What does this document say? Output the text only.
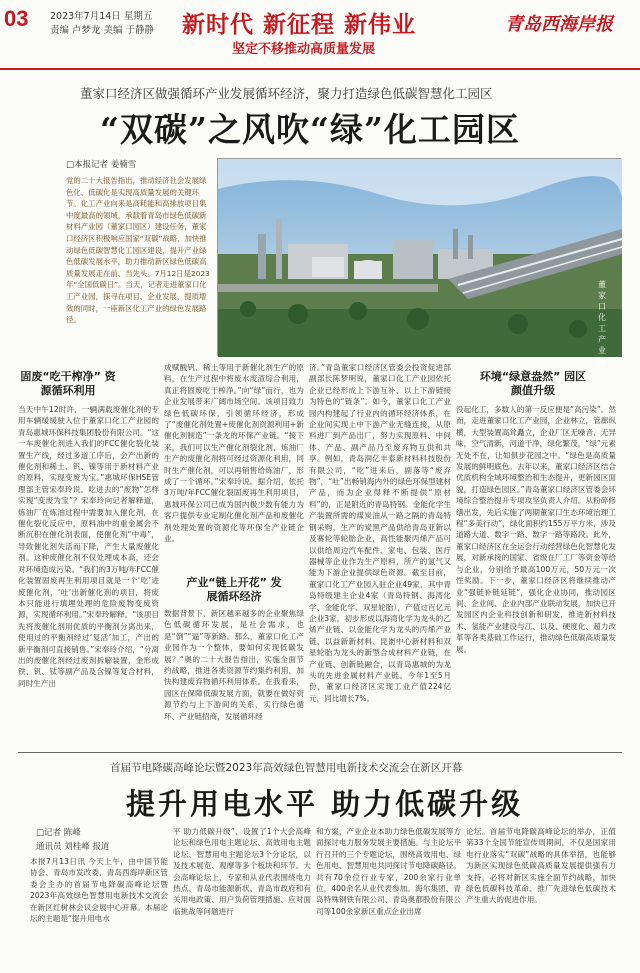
03 2023年7月14日 星期五
责编 卢梦龙 美编 于静静 新时代 新征程 新伟业
坚定不移推动高质量发展
青岛西海岸报
董家口经济区做强循环产业发展循环经济，聚力打造绿色低碳智慧化工园区
“双碳”之风吹“绿”化工园区
□本报记者 姜楠雪
党的二十大报告指出，推动经济社会发展绿色化、低碳化是实现高质量发展的关键环节。化工产业向来是高耗能和高排放项目集中度最高的领域，承载着青岛市绿色低碳新材料产业园（董家口园区）建设任务，董家口经济区积极响应国家“双碳”战略，加快推动绿色低碳智慧化工园区建设，提升产业绿色低碳发展水平，助力推动新区绿色低碳高质量发展走在前、当先头。7月12日是2023年“全国低碳日”。当天，记者走进董家口化工产业园，探寻在项目、企业发展、提质增效的同时，一座新区化工产业的绿色发展路径。
董家口化工产业园
固废“吃干榨净” 资源循环利用
当天中午12时许，一辆满载废催化剂的专用车辆缓缓驶入位于董家口化工产业园的青岛惠城环保科技集团股份有限公司。“这一车废催化剂进入我们的FCC催化裂化装置生产线，经过多道工序后，会产出新的催化剂和稀土、钒、镍等用于新材料产业的原料，实现变废为宝。”惠城环保HSE管理部主管宋奉玲说。吃进去的“废物”怎样实现“变废为宝”？宋奉玲向记者解释道，炼油厂在炼油过程中需要加入催化剂，在催化裂化反应中，原料油中的重金属会不断沉积在催化剂表面，使催化剂“中毒”，导致催化剂失活而下降，产生大量废催化剂。这种废催化剂不仅处理成本高，还会对环境造成污染。“我们的3万吨/年FCC催化装置固废再生利用项目就是一个‘吃’进废催化剂，‘吐’出新催化剂的项目，将废本只能进行填埋处理的危险废物变废资源，实现循环利用。”宋奉玲解释。“该项目先将废催化剂用优质的平衡剂分离出来，使用过的平衡剂经过‘复活’加工，产出的新平衡剂可直接销售。”宋奉玲介绍，“分离出的废催化剂经过废剂拆解装置，金形成铁、钒、钛等副产品及含镍等复合材料，同时生产出
成赋酸钒、稀土等用于新催化剂生产的原料，在生产过程中将废水废渣综合利用，真正将固废吃干榨净。”向“绿”而行，也为企业发展带来广阔市场空间。该项目致力绿色低碳环保，引领循环经济，形成了“废催化剂处置+废催化剂资源利用+新催化剂制造”一条龙的环保产业链。“接下来，我们可以生产催化剂裂化剂，炼油厂生产的废催化剂将可经过资源化利用，同时生产催化剂，可以再销售给炼油厂，形成了一个循环。”宋奉玲说。据介绍，依托3万吨/年FCC催化裂固废再生利用项目，惠城环保公司已成为国内极少数有能力为客户提供专业定制化催化剂产品和废催化剂处理处置的资源化等环保全产业链企业。
产业“链上开花” 发展循环经济
数据背景下，新区越来越多的企业聚焦绿色低碳循环发展，是社会需求，也是“倒”“逼”等新路。那么，董家口化工产业园作为一个整体，要如何实现低碳发展？“奥的二十大报告指出，实施全面节约战略，推进各类资源节约集约利用，加快构建废弃物循环利用体系。在我看来，园区在保障低碳发展方面，就要在做好资源节约与上下游间的关系，实行绿色循环、产业链招商，发展循环经
济。”青岛董家口经济区管委会投资促进部副部长陈梦明说，董家口化工产业园依托企业已经形成上下游互补、以上下游链接为特色的“链条”。如今，董家口化工产业园内构建起了行业内的循环经济体系，在企业间实现上中下游产业无缝连接，从原料进厂到产品出厂，努力实现原料、中间体、产品、副产品乃至废弃物互供和共享。例如，青岛润亿丰泰新材料科技股份有限公司，“吃”进来后，副落等“废弃物”，“吐”出畅销海内外的绿色环保型建材产品，而为企业得释不断提供“原材料”的，正是附近的青岛特钢。金能化学生产装置所需的煤炭油从一路之隔的青岛特钢采购，生产的炭黑产品供给青岛亚新以及赛轮等轮胎企业，高性能聚丙烯产品可以供给周边汽车配件、家电、包装、医疗器械等企业作为生产原料，所产的氢气又能为下游企业提供绿色资源。截至目前，董家口化工产业园入驻企业49家，其中青岛特级建主企业4家（青岛特钢、海湾化学、金能化学、双星轮胎），产值过百亿元企业3家，初步形成以海湾化学为龙头的乙烯产业链、以金能化学为龙头的丙烯产业链、以益新新材料、昆嵛中心新材料和双星轮胎为龙头的新型合成材料产业链，在产业链、创新链融合，以青岛惠城的为龙头的先进金属材料产业链。今年1至5月份，董家口经济区实现工业产值224亿元，同比增长7%。
环境“绿意盎然” 园区颜值升级
没起化工，多数人的第一反应便是“高污染”。然而，走进董家口化工产业园，企业林立，管廊纵横，大型装置高耸矗立，企业厂区无噪音、无异味，空气清新，河道干净，绿化繁茂，“绿”元素无处不在，让如俱步花园之中。“绿色是高质量发展的鲜明底色。去年以来，董家口经济区结合优质机构全域环境整治和生态提升，更新园区面貌，打造绿色园区。”青岛董家口经济区管委会环境综合整治提升专项攻坚负责人介绍。从粉碎修缮出发，先后实施了两期董家口生态环境治理工程“多美行动”，绿化面积约155万平方米，涉及道路大道、数字一路、数字一路等路段。此外，董家口经济区在全运会行动经营绿色化智慧化发展，对新承接的国家、省级在厂工厂等资金等给与企业，分别给予最高100万元，50万元一次性奖励。下一步，董家口经济区将继续推动产业“强链补链延链”，强化企业协同，推动园区间、企业间、企业内部产业联动发展，加快已开发园区内企业科技创新和研发，推进新材料技术、氢能产业建设与江、以及、硬度化、超力改革等各类基础工作运行，推动绿色低碳高质量发展。
首届节电降碳高峰论坛暨2023年高效绿色智慧用电新技术交流会在新区开幕
提升用电水平 助力低碳升级
□记者 陈峰
通讯员 刘桂峰 报道
本报7月13日讯 今天上午，由中国节能协会、青岛市发改委、青岛西海岸新区管委会主办的首届节电降碳高峰论坛暨2023年高效绿色智慧用电新技术交流会在新区红树林会议会展中心开幕。本届论坛的主题是“提升用电水
平 助力低碳升级”，设置了1个大会高峰论坛和绿色用电主题论坛、高效用电主题论坛、智慧用电主题论坛3个分论坛，以及技术展览、观摩等多个板块和环节。大会高峰论坛上，专家和从业代表围绕电力热点、青岛市能源新状、青岛市政府和有关用电政策、用户负荷管理措施、应对面临挑战等问题进行
和方案，产业企业本助力绿色低碳发展等方面探讨电力服务发展主要措施。与主论坛平行召开的三个专题论坛，围绕高效用电、绿色用电、智慧用电共同探讨节电降碳路径。共有70余位行业专家，200余家行业单位，400余名从业代表参加。海尔集团、青岛特殊钢铁有限公司、青岛奥都股份有限公司等100余家新区重点企业出席
论坛。首届节电降碳高峰论坛的举办，正值第33个全国节能宣传周期间，不仅是国家用电行业落实“双碳”战略的具体举措，也能够为新区实现绿色低碳高质量发展提供强有力支持，必将对新区实施全面节约战略，加快绿色低碳科技革命、推广先进绿色低碳技术产生重大的促进作用。
